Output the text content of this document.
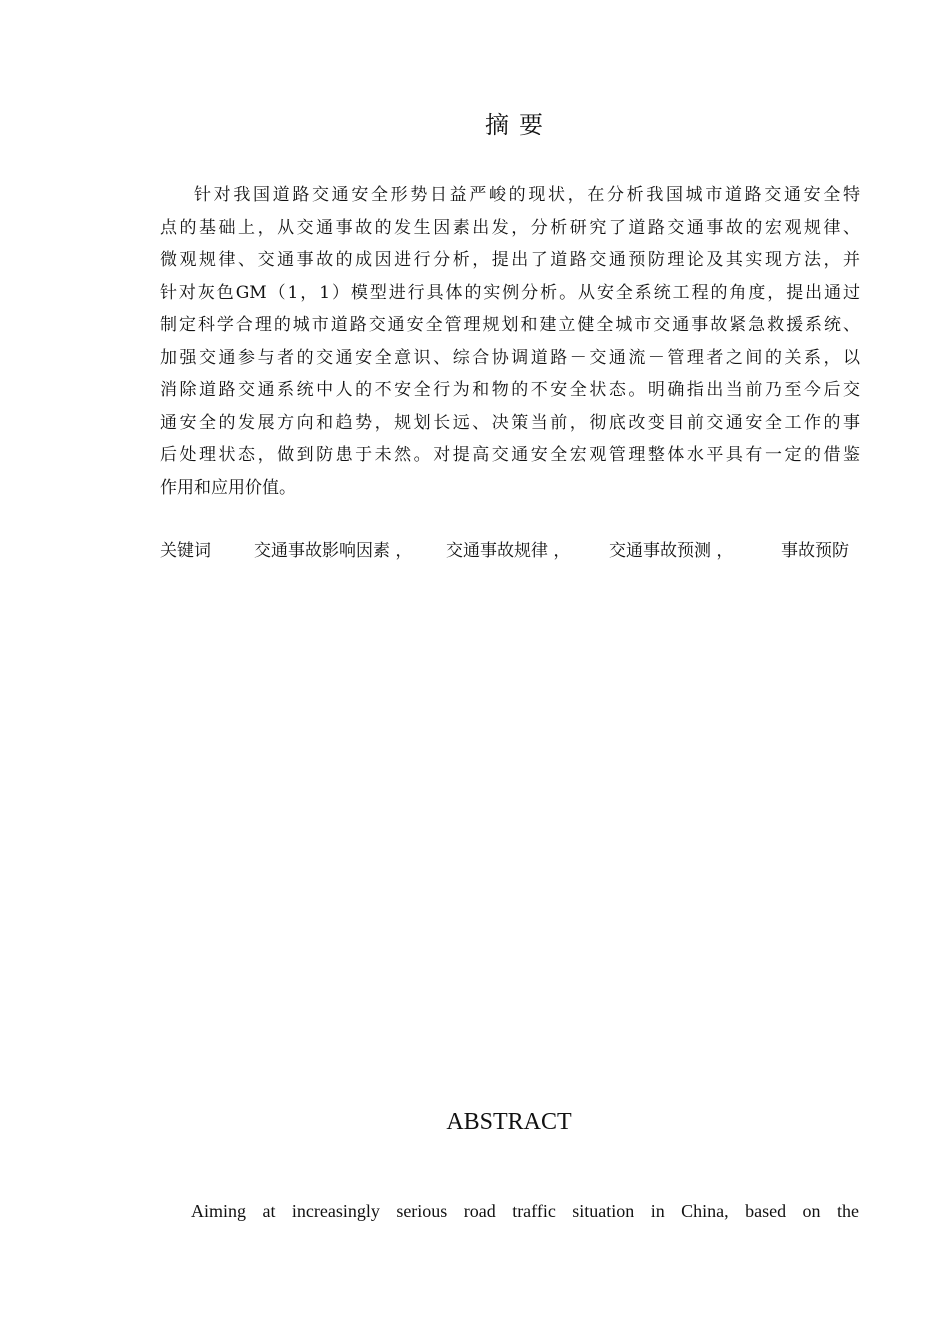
摘要
针对我国道路交通安全形势日益严峻的现状，在分析我国城市道路交通安全特
点的基础上，从交通事故的发生因素出发，分析研究了道路交通事故的宏观规律、
微观规律、交通事故的成因进行分析，提出了道路交通预防理论及其实现方法，并
针对灰色GM（1，1）模型进行具体的实例分析。从安全系统工程的角度，提出通过
制定科学合理的城市道路交通安全管理规划和建立健全城市交通事故紧急救援系统、
加强交通参与者的交通安全意识、综合协调道路－交通流－管理者之间的关系，以
消除道路交通系统中人的不安全行为和物的不安全状态。明确指出当前乃至今后交
通安全的发展方向和趋势，规划长远、决策当前，彻底改变目前交通安全工作的事
后处理状态，做到防患于未然。对提高交通安全宏观管理整体水平具有一定的借鉴
作用和应用价值。
关键词	交通事故影响因素 ， 交通事故规律 ， 交通事故预测 ，	事故预防
ABSTRACT
Aiming at increasingly serious road traffic situation in China, based on the
